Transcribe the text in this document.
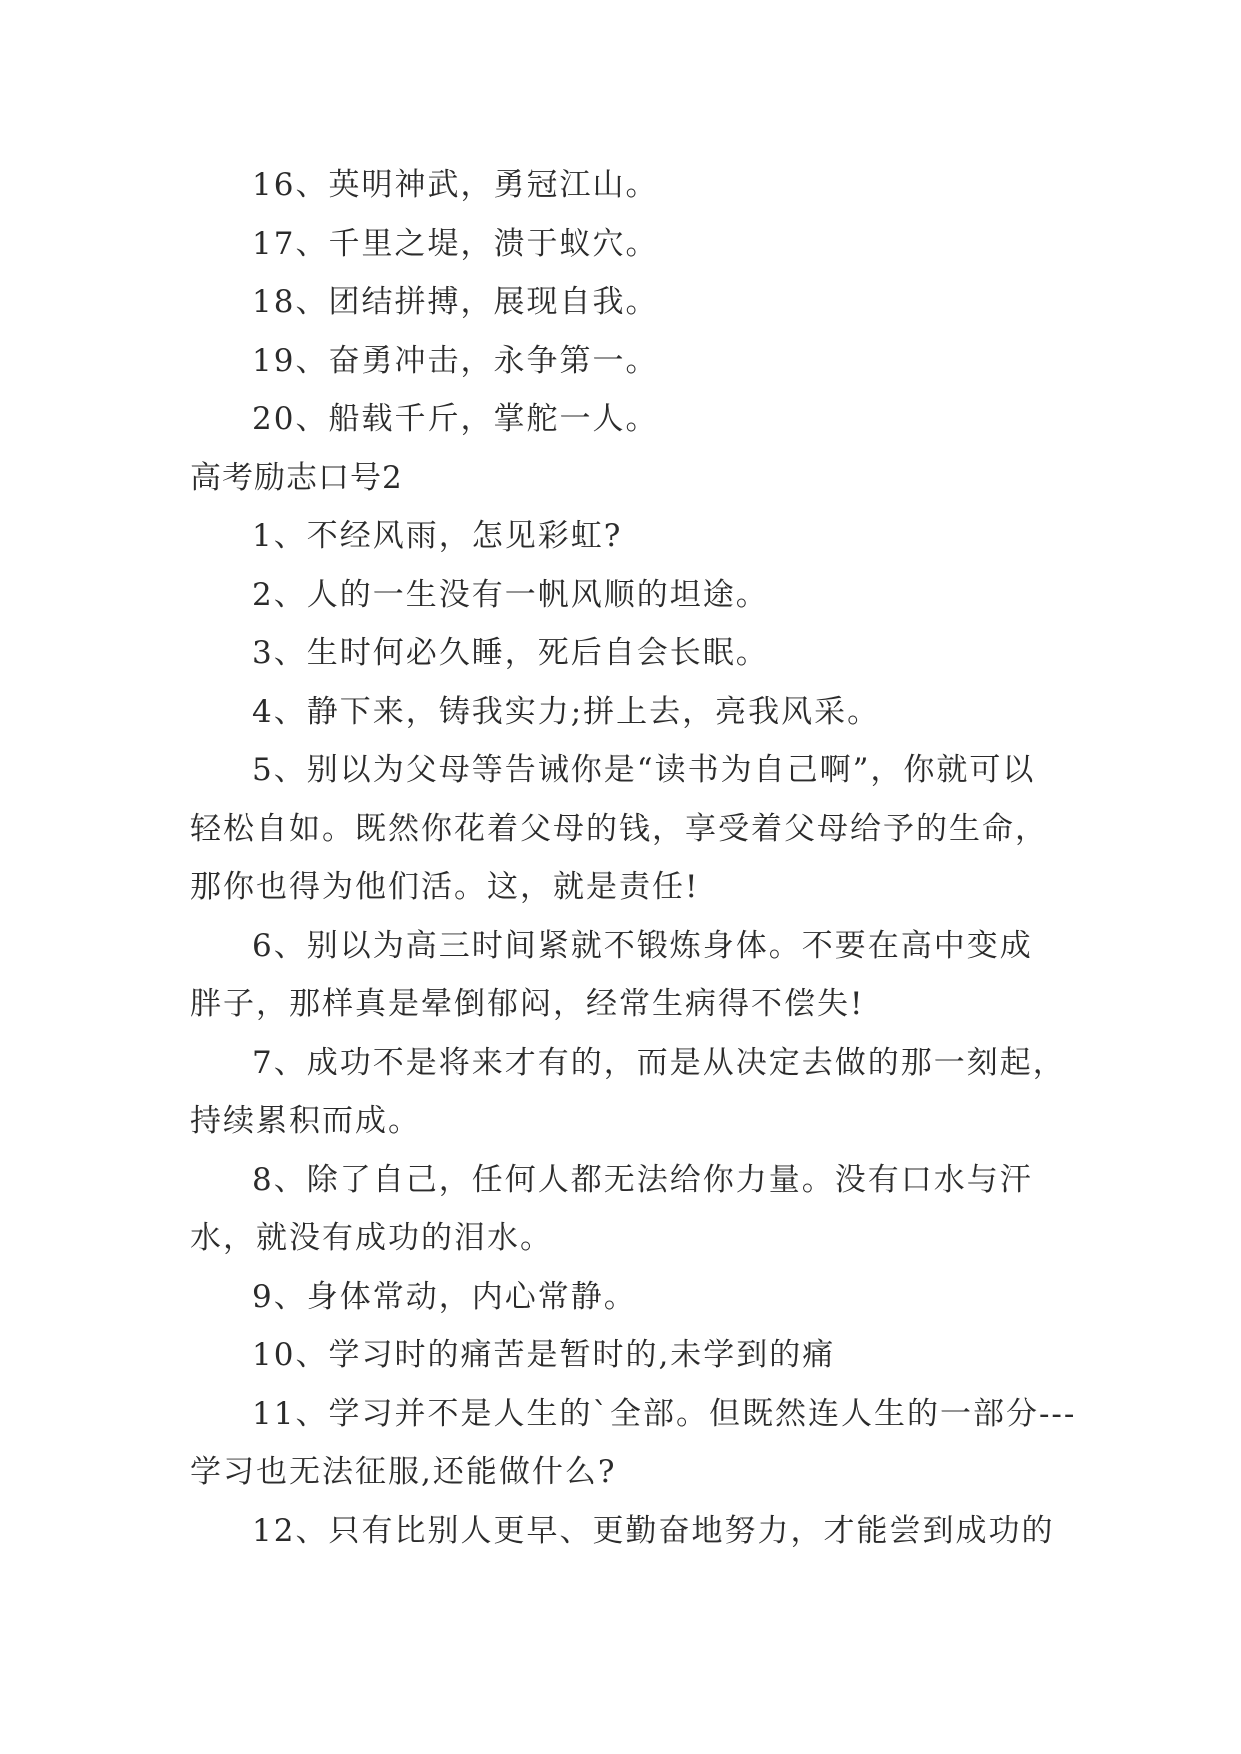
16、英明神武，勇冠江山。

17、千里之堤，溃于蚁穴。

18、团结拼搏，展现自我。

19、奋勇冲击，永争第一。

20、船载千斤，掌舵一人。

高考励志口号2

1、不经风雨，怎见彩虹?

2、人的一生没有一帆风顺的坦途。

3、生时何必久睡，死后自会长眠。

4、静下来，铸我实力;拼上去，亮我风采。

5、别以为父母等告诫你是“读书为自己啊”，你就可以

轻松自如。既然你花着父母的钱，享受着父母给予的生命，

那你也得为他们活。这，就是责任!

6、别以为高三时间紧就不锻炼身体。不要在高中变成

胖子，那样真是晕倒郁闷，经常生病得不偿失!

7、成功不是将来才有的，而是从决定去做的那一刻起，

持续累积而成。

8、除了自己，任何人都无法给你力量。没有口水与汗

水，就没有成功的泪水。

9、身体常动，内心常静。

10、学习时的痛苦是暂时的,未学到的痛

11、学习并不是人生的`全部。但既然连人生的一部分---

学习也无法征服,还能做什么?

12、只有比别人更早、更勤奋地努力，才能尝到成功的
